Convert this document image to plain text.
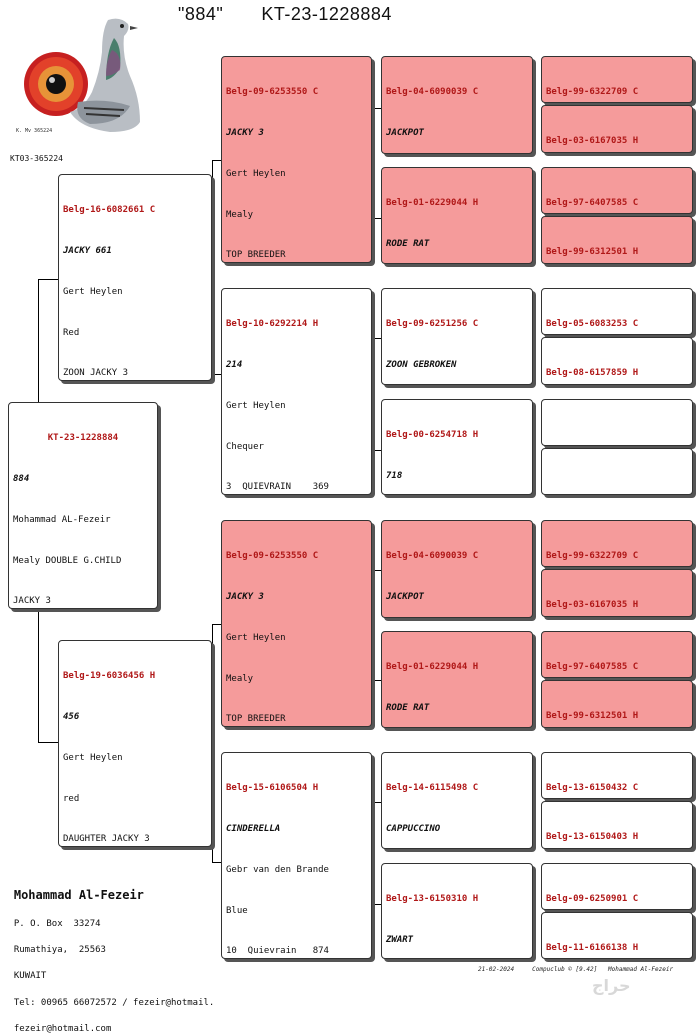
"884" KT-23-1228884
K. Mv 365224
KT03-365224

KT-23-1228884

884

Mohammad AL-Fezeir

Mealy DOUBLE G.CHILD

JACKY 3

Belg-16-6082661 C

JACKY 661

Gert Heylen

Red

ZOON JACKY 3

Belg-19-6036456 H

456

Gert Heylen

red

DAUGHTER JACKY 3

Belg-09-6253550 C

JACKY 3

Gert Heylen

Mealy

TOP BREEDER

Belg-10-6292214 H

214

Gert Heylen

Chequer

3  QUIEVRAIN    369

Belg-09-6253550 C

JACKY 3

Gert Heylen

Mealy

TOP BREEDER

Belg-15-6106504 H

CINDERELLA

Gebr van den Brande

Blue

10  Quievrain   874

Belg-04-6090039 C

JACKPOT

Belg-01-6229044 H

RODE RAT

Belg-09-6251256 C

ZOON GEBROKEN

Belg-00-6254718 H

718

Belg-04-6090039 C

JACKPOT

Belg-01-6229044 H

RODE RAT

Belg-14-6115498 C

CAPPUCCINO

Belg-13-6150310 H

ZWART

Belg-99-6322709 C

Belg-03-6167035 H

Belg-97-6407585 C

Belg-99-6312501 H

Belg-05-6083253 C

Belg-08-6157859 H

Belg-99-6322709 C

Belg-03-6167035 H

Belg-97-6407585 C

Belg-99-6312501 H

Belg-13-6150432 C

Belg-13-6150403 H

Belg-09-6250901 C

Belg-11-6166138 H

Mohammad Al-Fezeir

P. O. Box  33274

Rumathiya,  25563

KUWAIT

Tel: 00965 66072572 / fezeir@hotmail.

fezeir@hotmail.com

21-02-2024     Compuclub © [9.42]   Mohammad Al-Fezeir
حراج
